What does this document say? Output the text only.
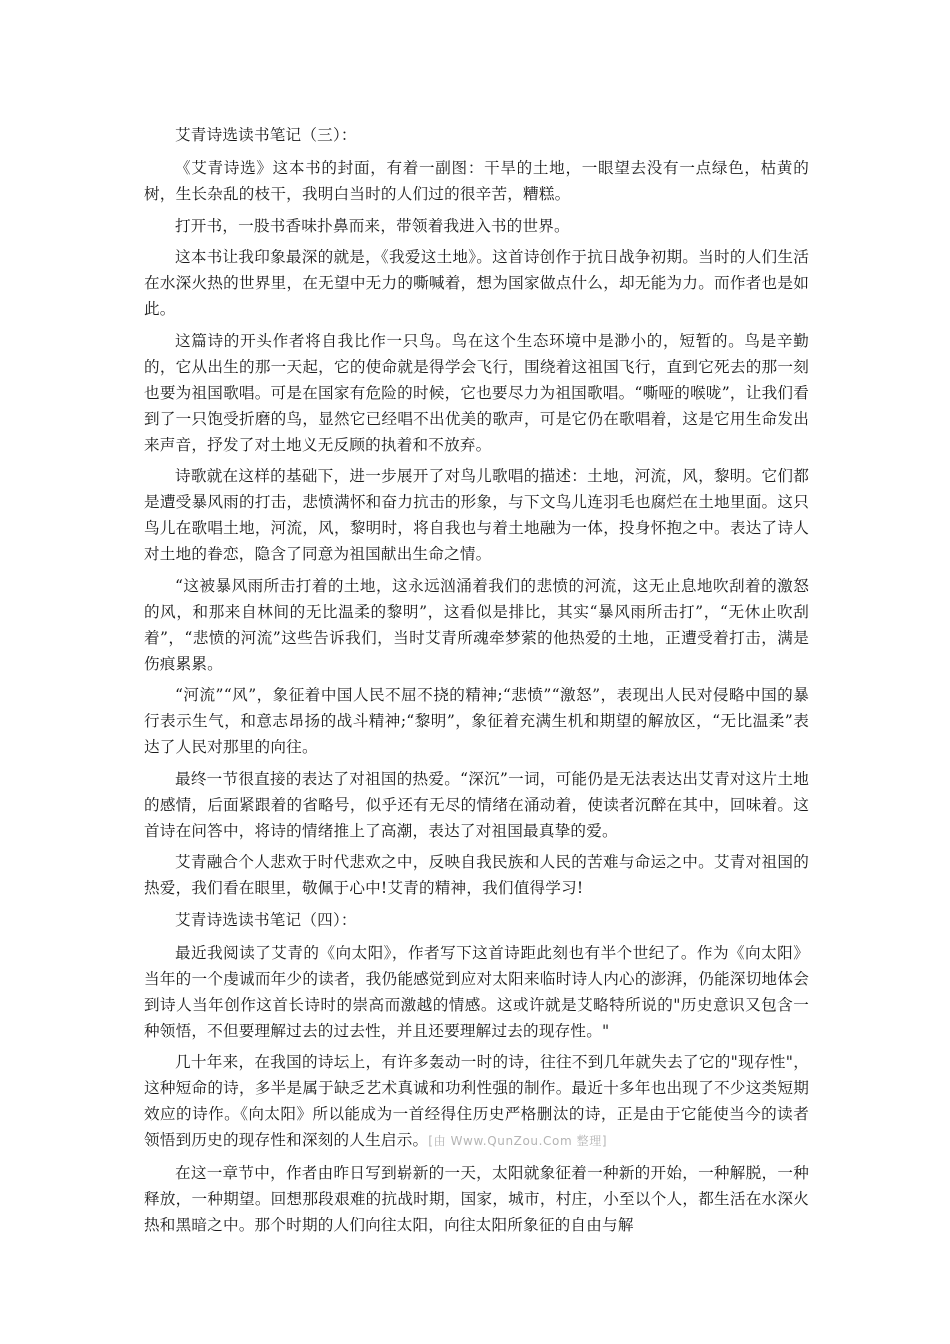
艾青诗选读书笔记（三）：

《艾青诗选》这本书的封面，有着一副图：干旱的土地，一眼望去没有一点绿色，枯黄的树，生长杂乱的枝干，我明白当时的人们过的很辛苦，糟糕。

打开书，一股书香味扑鼻而来，带领着我进入书的世界。

这本书让我印象最深的就是，《我爱这土地》。这首诗创作于抗日战争初期。当时的人们生活在水深火热的世界里，在无望中无力的嘶喊着，想为国家做点什么，却无能为力。而作者也是如此。

这篇诗的开头作者将自我比作一只鸟。鸟在这个生态环境中是渺小的，短暂的。鸟是辛勤的，它从出生的那一天起，它的使命就是得学会飞行，围绕着这祖国飞行，直到它死去的那一刻也要为祖国歌唱。可是在国家有危险的时候，它也要尽力为祖国歌唱。“嘶哑的喉咙”，让我们看到了一只饱受折磨的鸟，显然它已经唱不出优美的歌声，可是它仍在歌唱着，这是它用生命发出来声音，抒发了对土地义无反顾的执着和不放弃。

诗歌就在这样的基础下，进一步展开了对鸟儿歌唱的描述：土地，河流，风，黎明。它们都是遭受暴风雨的打击，悲愤满怀和奋力抗击的形象，与下文鸟儿连羽毛也腐烂在土地里面。这只鸟儿在歌唱土地，河流，风，黎明时，将自我也与着土地融为一体，投身怀抱之中。表达了诗人对土地的眷恋，隐含了同意为祖国献出生命之情。

“这被暴风雨所击打着的土地，这永远汹涌着我们的悲愤的河流，这无止息地吹刮着的激怒的风，和那来自林间的无比温柔的黎明”，这看似是排比，其实“暴风雨所击打”，“无休止吹刮着”，“悲愤的河流”这些告诉我们，当时艾青所魂牵梦萦的他热爱的土地，正遭受着打击，满是伤痕累累。

“河流”“风”，象征着中国人民不屈不挠的精神;“悲愤”“激怒”，表现出人民对侵略中国的暴行表示生气，和意志昂扬的战斗精神;“黎明”，象征着充满生机和期望的解放区，“无比温柔”表达了人民对那里的向往。

最终一节很直接的表达了对祖国的热爱。“深沉”一词，可能仍是无法表达出艾青对这片土地的感情，后面紧跟着的省略号，似乎还有无尽的情绪在涌动着，使读者沉醉在其中，回味着。这首诗在问答中，将诗的情绪推上了高潮，表达了对祖国最真挚的爱。

艾青融合个人悲欢于时代悲欢之中，反映自我民族和人民的苦难与命运之中。艾青对祖国的热爱，我们看在眼里，敬佩于心中!艾青的精神，我们值得学习!

艾青诗选读书笔记（四）：

最近我阅读了艾青的《向太阳》，作者写下这首诗距此刻也有半个世纪了。作为《向太阳》当年的一个虔诚而年少的读者，我仍能感觉到应对太阳来临时诗人内心的澎湃，仍能深切地体会到诗人当年创作这首长诗时的崇高而激越的情感。这或许就是艾略特所说的"历史意识又包含一种领悟，不但要理解过去的过去性，并且还要理解过去的现存性。"

几十年来，在我国的诗坛上，有许多轰动一时的诗，往往不到几年就失去了它的"现存性"，这种短命的诗，多半是属于缺乏艺术真诚和功利性强的制作。最近十多年也出现了不少这类短期效应的诗作。《向太阳》所以能成为一首经得住历史严格删汰的诗，正是由于它能使当今的读者领悟到历史的现存性和深刻的人生启示。[由 Www.QunZou.Com 整理]

在这一章节中，作者由昨日写到崭新的一天，太阳就象征着一种新的开始，一种解脱，一种释放，一种期望。回想那段艰难的抗战时期，国家，城市，村庄，小至以个人，都生活在水深火热和黑暗之中。那个时期的人们向往太阳，向往太阳所象征的自由与解
